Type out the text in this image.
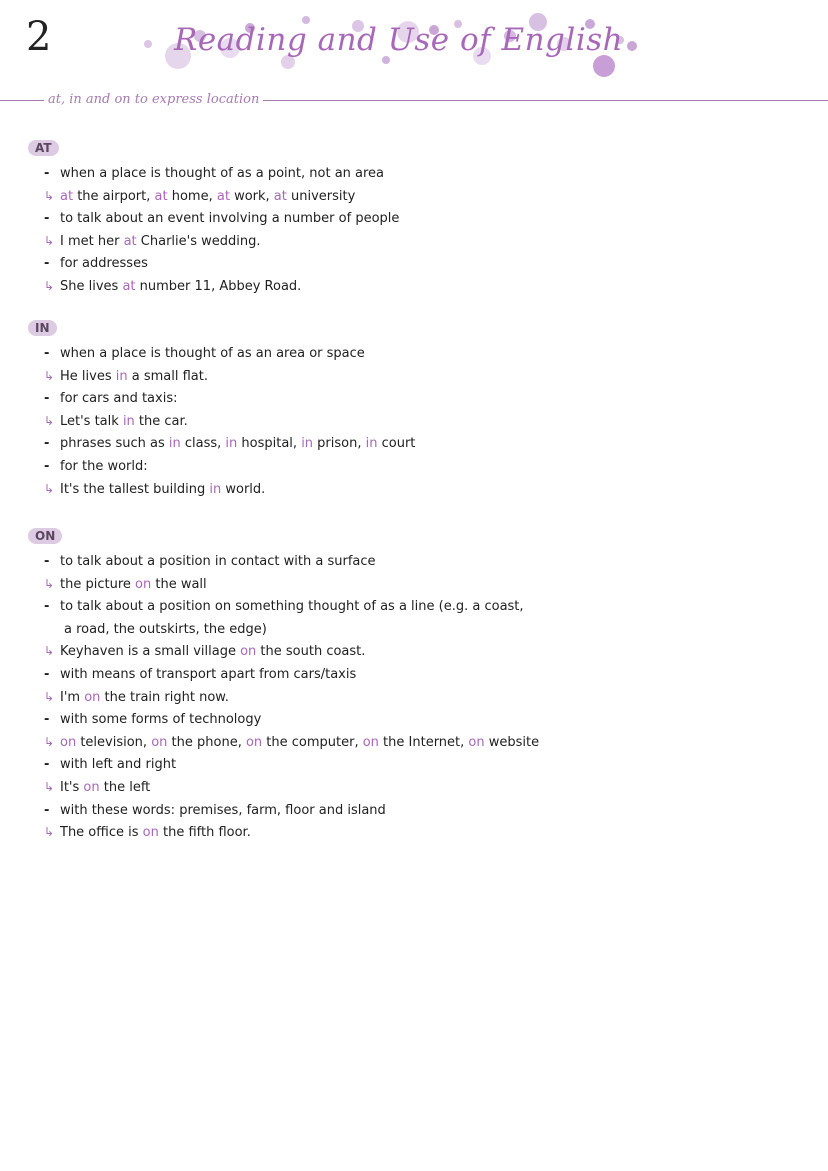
2	Reading and Use of English
at, in and on to express location
AT
- when a place is thought of as a point, not an area
↳ at the airport, at home, at work, at university
- to talk about an event involving a number of people
↳ I met her at Charlie's wedding.
- for addresses
↳ She lives at number 11, Abbey Road.
IN
- when a place is thought of as an area or space
↳ He lives in a small flat.
- for cars and taxis:
↳ Let's talk in the car.
- phrases such as in class, in hospital, in prison, in court
- for the world:
↳ It's the tallest building in world.
ON
- to talk about a position in contact with a surface
↳ the picture on the wall
- to talk about a position on something thought of as a line (e.g. a coast,
a road, the outskirts, the edge)
↳ Keyhaven is a small village on the south coast.
- with means of transport apart from cars/taxis
↳ I'm on the train right now.
- with some forms of technology
↳ on television, on the phone, on the computer, on the Internet, on website
- with left and right
↳ It's on the left
- with these words: premises, farm, floor and island
↳ The office is on the fifth floor.
